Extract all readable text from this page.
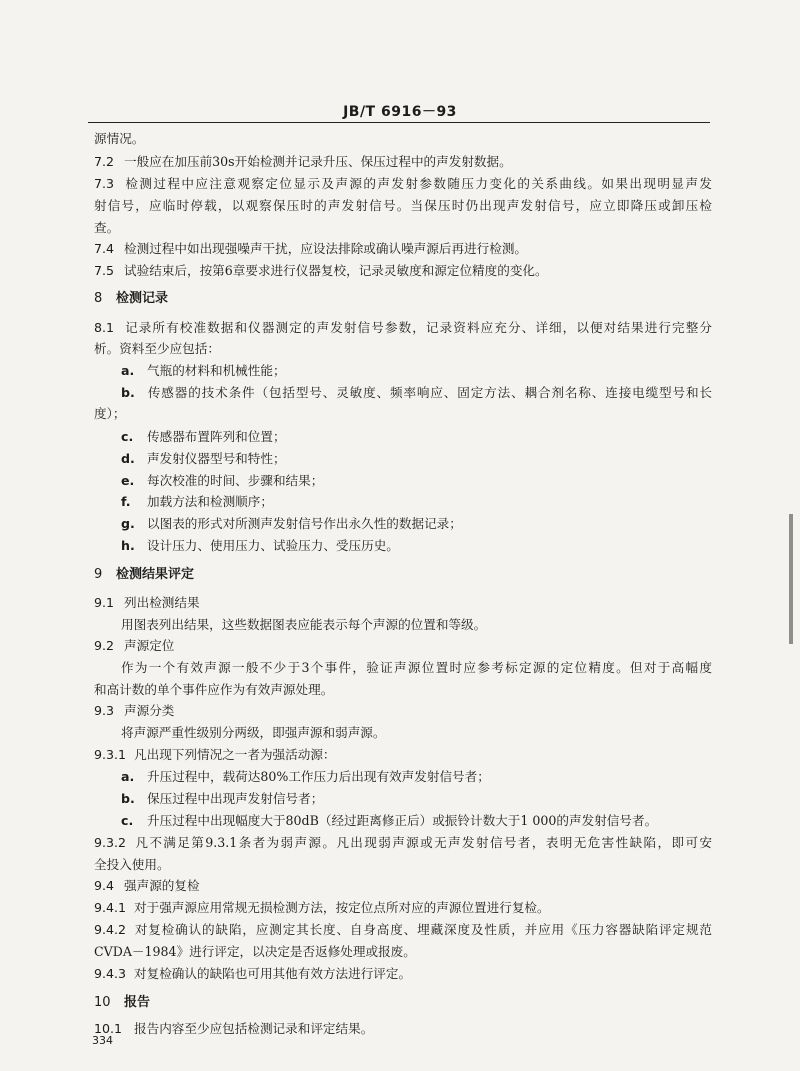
JB/T 6916－93
源情况。
7.2 一般应在加压前30s开始检测并记录升压、保压过程中的声发射数据。
7.3 检测过程中应注意观察定位显示及声源的声发射参数随压力变化的关系曲线。如果出现明显声发
射信号，应临时停载，以观察保压时的声发射信号。当保压时仍出现声发射信号，应立即降压或卸压检
查。
7.4 检测过程中如出现强噪声干扰，应设法排除或确认噪声源后再进行检测。
7.5 试验结束后，按第6章要求进行仪器复校，记录灵敏度和源定位精度的变化。
8 检测记录
8.1 记录所有校准数据和仪器测定的声发射信号参数，记录资料应充分、详细，以便对结果进行完整分
析。资料至少应包括：
a. 气瓶的材料和机械性能；
b. 传感器的技术条件（包括型号、灵敏度、频率响应、固定方法、耦合剂名称、连接电缆型号和长
度）；
c. 传感器布置阵列和位置；
d. 声发射仪器型号和特性；
e. 每次校准的时间、步骤和结果；
f. 加载方法和检测顺序；
g. 以图表的形式对所测声发射信号作出永久性的数据记录；
h. 设计压力、使用压力、试验压力、受压历史。
9 检测结果评定
9.1 列出检测结果
用图表列出结果，这些数据图表应能表示每个声源的位置和等级。
9.2 声源定位
作为一个有效声源一般不少于3个事件，验证声源位置时应参考标定源的定位精度。但对于高幅度
和高计数的单个事件应作为有效声源处理。
9.3 声源分类
将声源严重性级别分两级，即强声源和弱声源。
9.3.1 凡出现下列情况之一者为强活动源：
a. 升压过程中，载荷达80%工作压力后出现有效声发射信号者；
b. 保压过程中出现声发射信号者；
c. 升压过程中出现幅度大于80dB（经过距离修正后）或振铃计数大于1 000的声发射信号者。
9.3.2 凡不满足第9.3.1条者为弱声源。凡出现弱声源或无声发射信号者，表明无危害性缺陷，即可安
全投入使用。
9.4 强声源的复检
9.4.1 对于强声源应用常规无损检测方法，按定位点所对应的声源位置进行复检。
9.4.2 对复检确认的缺陷，应测定其长度、自身高度、埋藏深度及性质，并应用《压力容器缺陷评定规范
CVDA－1984》进行评定，以决定是否返修处理或报废。
9.4.3 对复检确认的缺陷也可用其他有效方法进行评定。
10 报告
10.1 报告内容至少应包括检测记录和评定结果。
334
